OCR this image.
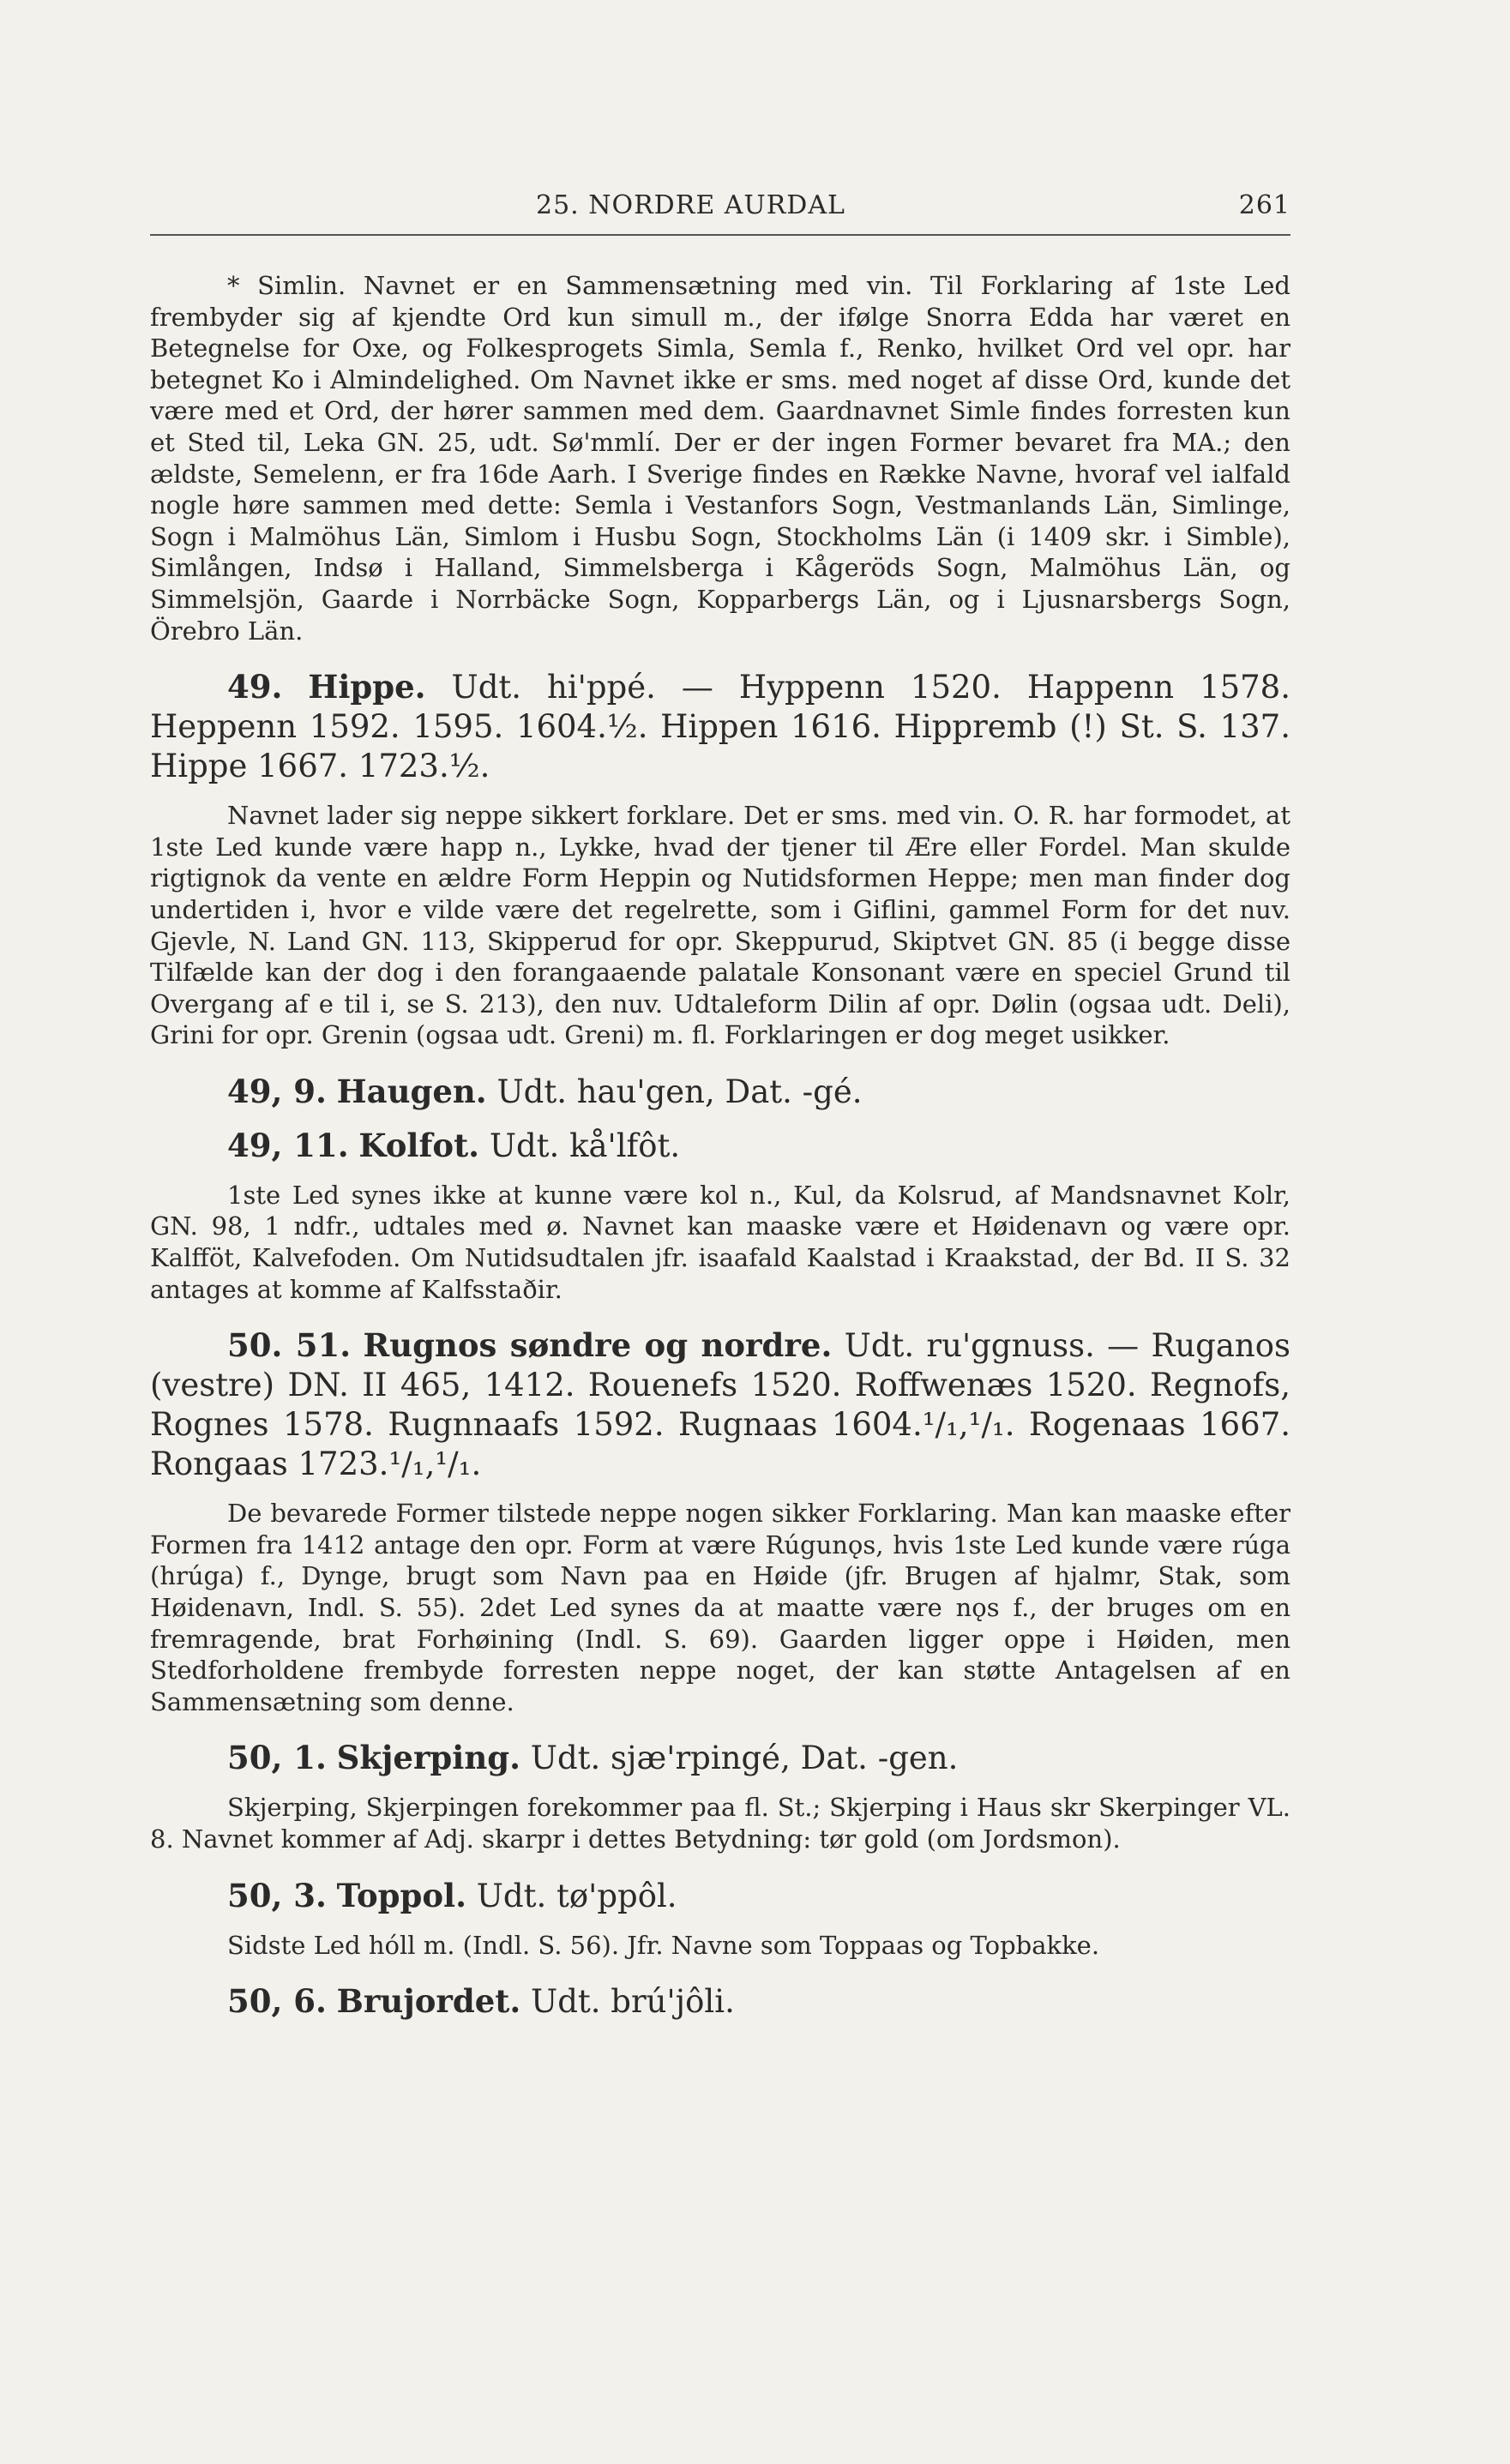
25. NORDRE AURDAL	261

* Simlin. Navnet er en Sammensætning med vin. Til Forklaring af 1ste Led frembyder sig af kjendte Ord kun simull m., der ifølge Snorra Edda har været en Betegnelse for Oxe, og Folkesprogets Simla, Semla f., Renko, hvilket Ord vel opr. har betegnet Ko i Almindelighed. Om Navnet ikke er sms. med noget af disse Ord, kunde det være med et Ord, der hører sammen med dem. Gaardnavnet Simle findes forresten kun et Sted til, Leka GN. 25, udt. Sø'mmlí. Der er der ingen Former bevaret fra MA.; den ældste, Semelenn, er fra 16de Aarh. I Sverige findes en Række Navne, hvoraf vel ialfald nogle høre sammen med dette: Semla i Vestanfors Sogn, Vestmanlands Län, Simlinge, Sogn i Malmöhus Län, Simlom i Husbu Sogn, Stockholms Län (i 1409 skr. i Simble), Simlången, Indsø i Halland, Simmelsberga i Kågeröds Sogn, Malmöhus Län, og Simmelsjön, Gaarde i Norrbäcke Sogn, Kopparbergs Län, og i Ljusnarsbergs Sogn, Örebro Län.

49. Hippe. Udt. hi'ppé. — Hyppenn 1520. Happenn 1578. Heppenn 1592. 1595. 1604.½. Hippen 1616. Hippremb (!) St. S. 137. Hippe 1667. 1723.½.

Navnet lader sig neppe sikkert forklare. Det er sms. med vin. O. R. har formodet, at 1ste Led kunde være happ n., Lykke, hvad der tjener til Ære eller Fordel. Man skulde rigtignok da vente en ældre Form Heppin og Nutidsformen Heppe; men man finder dog undertiden i, hvor e vilde være det regelrette, som i Giflini, gammel Form for det nuv. Gjevle, N. Land GN. 113, Skipperud for opr. Skeppurud, Skiptvet GN. 85 (i begge disse Tilfælde kan der dog i den forangaaende palatale Konsonant være en speciel Grund til Overgang af e til i, se S. 213), den nuv. Udtaleform Dilin af opr. Dølin (ogsaa udt. Deli), Grini for opr. Grenin (ogsaa udt. Greni) m. fl. Forklaringen er dog meget usikker.

49, 9. Haugen. Udt. hau'gen, Dat. -gé.

49, 11. Kolfot. Udt. kå'lfôt.

1ste Led synes ikke at kunne være kol n., Kul, da Kolsrud, af Mandsnavnet Kolr, GN. 98, 1 ndfr., udtales med ø. Navnet kan maaske være et Høidenavn og være opr. Kalfföt, Kalvefoden. Om Nutidsudtalen jfr. isaafald Kaalstad i Kraakstad, der Bd. II S. 32 antages at komme af Kalfsstaðir.

50. 51. Rugnos søndre og nordre. Udt. ru'ggnuss. — Ruganos (vestre) DN. II 465, 1412. Rouenefs 1520. Roffwenæs 1520. Regnofs, Rognes 1578. Rugnnaafs 1592. Rugnaas 1604.¹/₁,¹/₁. Rogenaas 1667. Rongaas 1723.¹/₁,¹/₁.

De bevarede Former tilstede neppe nogen sikker Forklaring. Man kan maaske efter Formen fra 1412 antage den opr. Form at være Rúgunǫs, hvis 1ste Led kunde være rúga (hrúga) f., Dynge, brugt som Navn paa en Høide (jfr. Brugen af hjalmr, Stak, som Høidenavn, Indl. S. 55). 2det Led synes da at maatte være nǫs f., der bruges om en fremragende, brat Forhøining (Indl. S. 69). Gaarden ligger oppe i Høiden, men Stedforholdene frembyde forresten neppe noget, der kan støtte Antagelsen af en Sammensætning som denne.

50, 1. Skjerping. Udt. sjæ'rpingé, Dat. -gen.

Skjerping, Skjerpingen forekommer paa fl. St.; Skjerping i Haus skr Skerpinger VL. 8. Navnet kommer af Adj. skarpr i dettes Betydning: tør gold (om Jordsmon).

50, 3. Toppol. Udt. tø'ppôl.

Sidste Led hóll m. (Indl. S. 56). Jfr. Navne som Toppaas og Topbakke.

50, 6. Brujordet. Udt. brú'jôli.
